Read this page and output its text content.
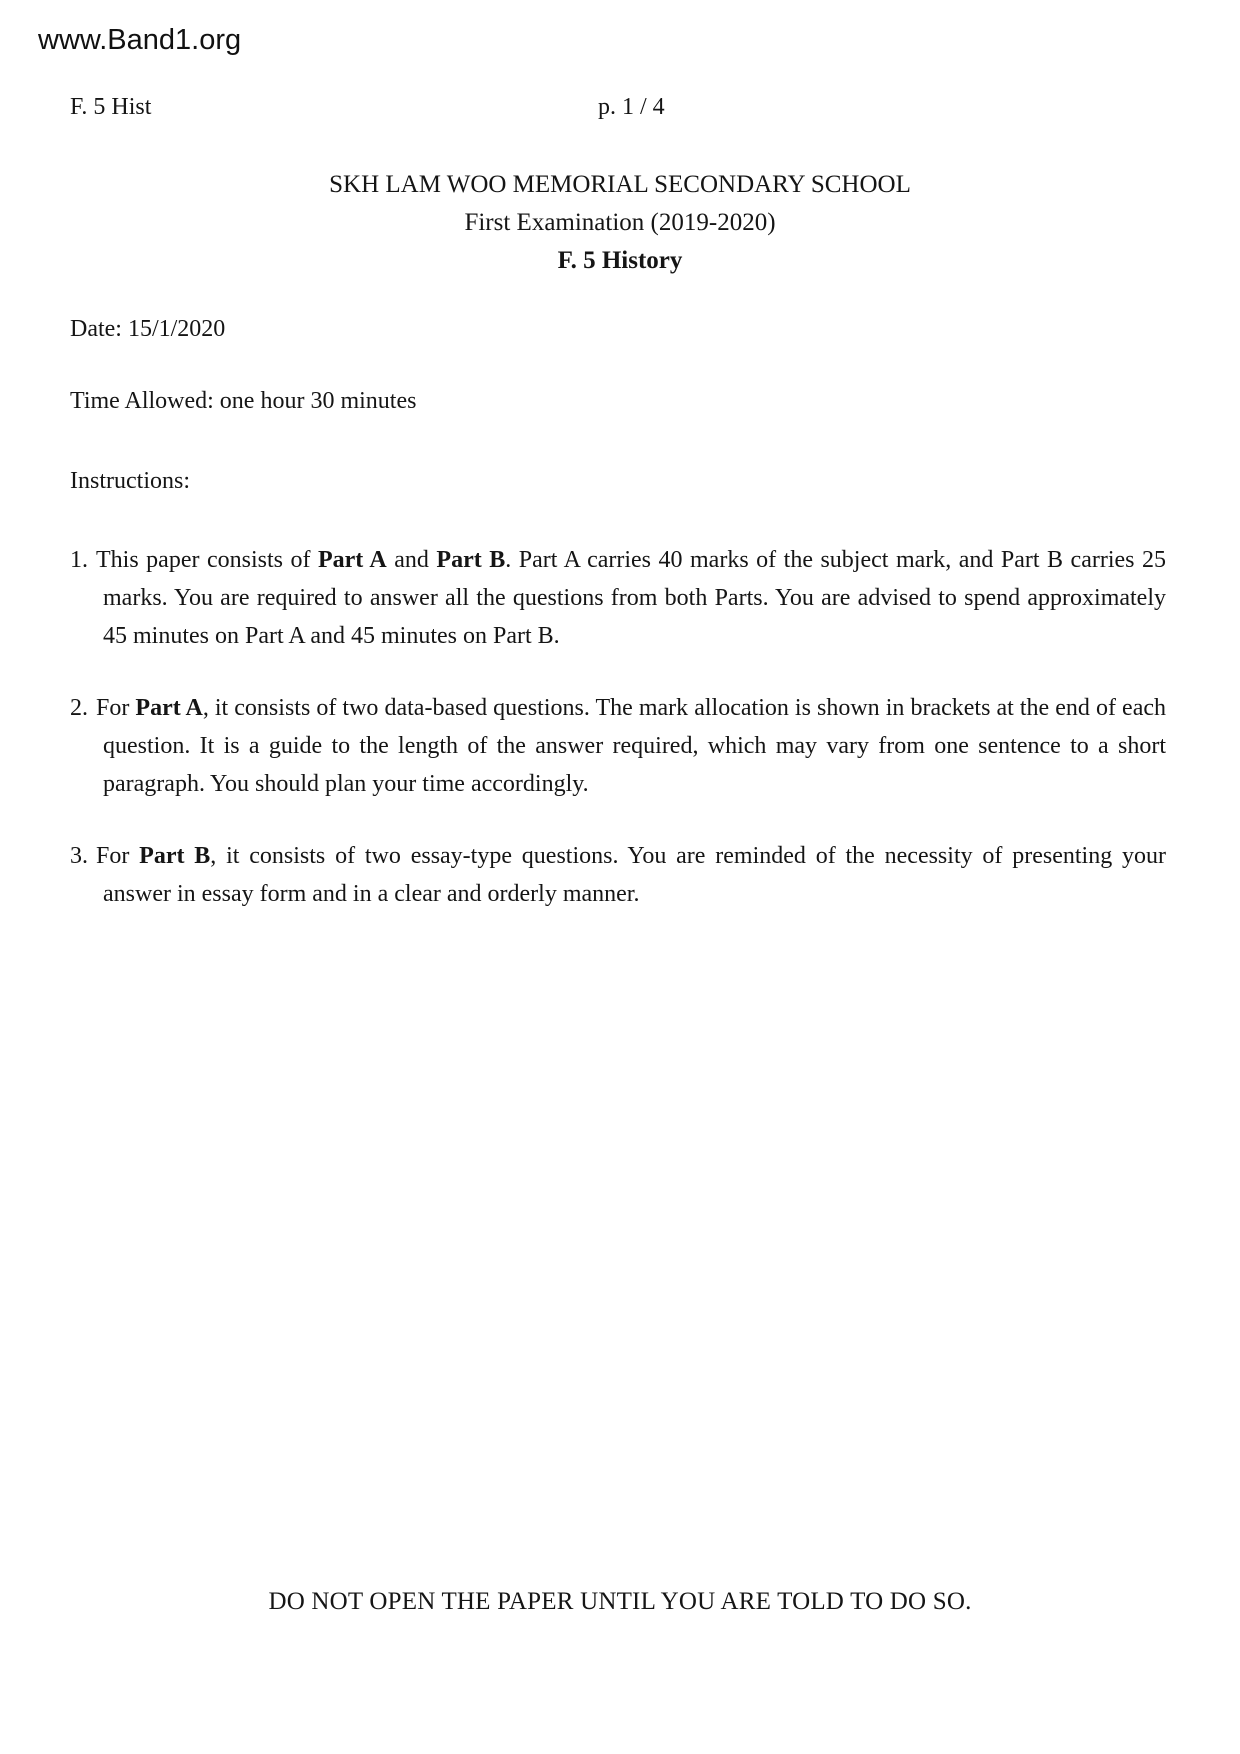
www.Band1.org
F. 5 Hist	p. 1 / 4
SKH LAM WOO MEMORIAL SECONDARY SCHOOL
First Examination (2019-2020)
F. 5 History
Date: 15/1/2020
Time Allowed: one hour 30 minutes
Instructions:

1. This paper consists of Part A and Part B. Part A carries 40 marks of the subject mark, and Part B carries 25 marks. You are required to answer all the questions from both Parts. You are advised to spend approximately 45 minutes on Part A and 45 minutes on Part B.

2. For Part A, it consists of two data-based questions. The mark allocation is shown in brackets at the end of each question. It is a guide to the length of the answer required, which may vary from one sentence to a short paragraph. You should plan your time accordingly.

3. For Part B, it consists of two essay-type questions. You are reminded of the necessity of presenting your answer in essay form and in a clear and orderly manner.

DO NOT OPEN THE PAPER UNTIL YOU ARE TOLD TO DO SO.
